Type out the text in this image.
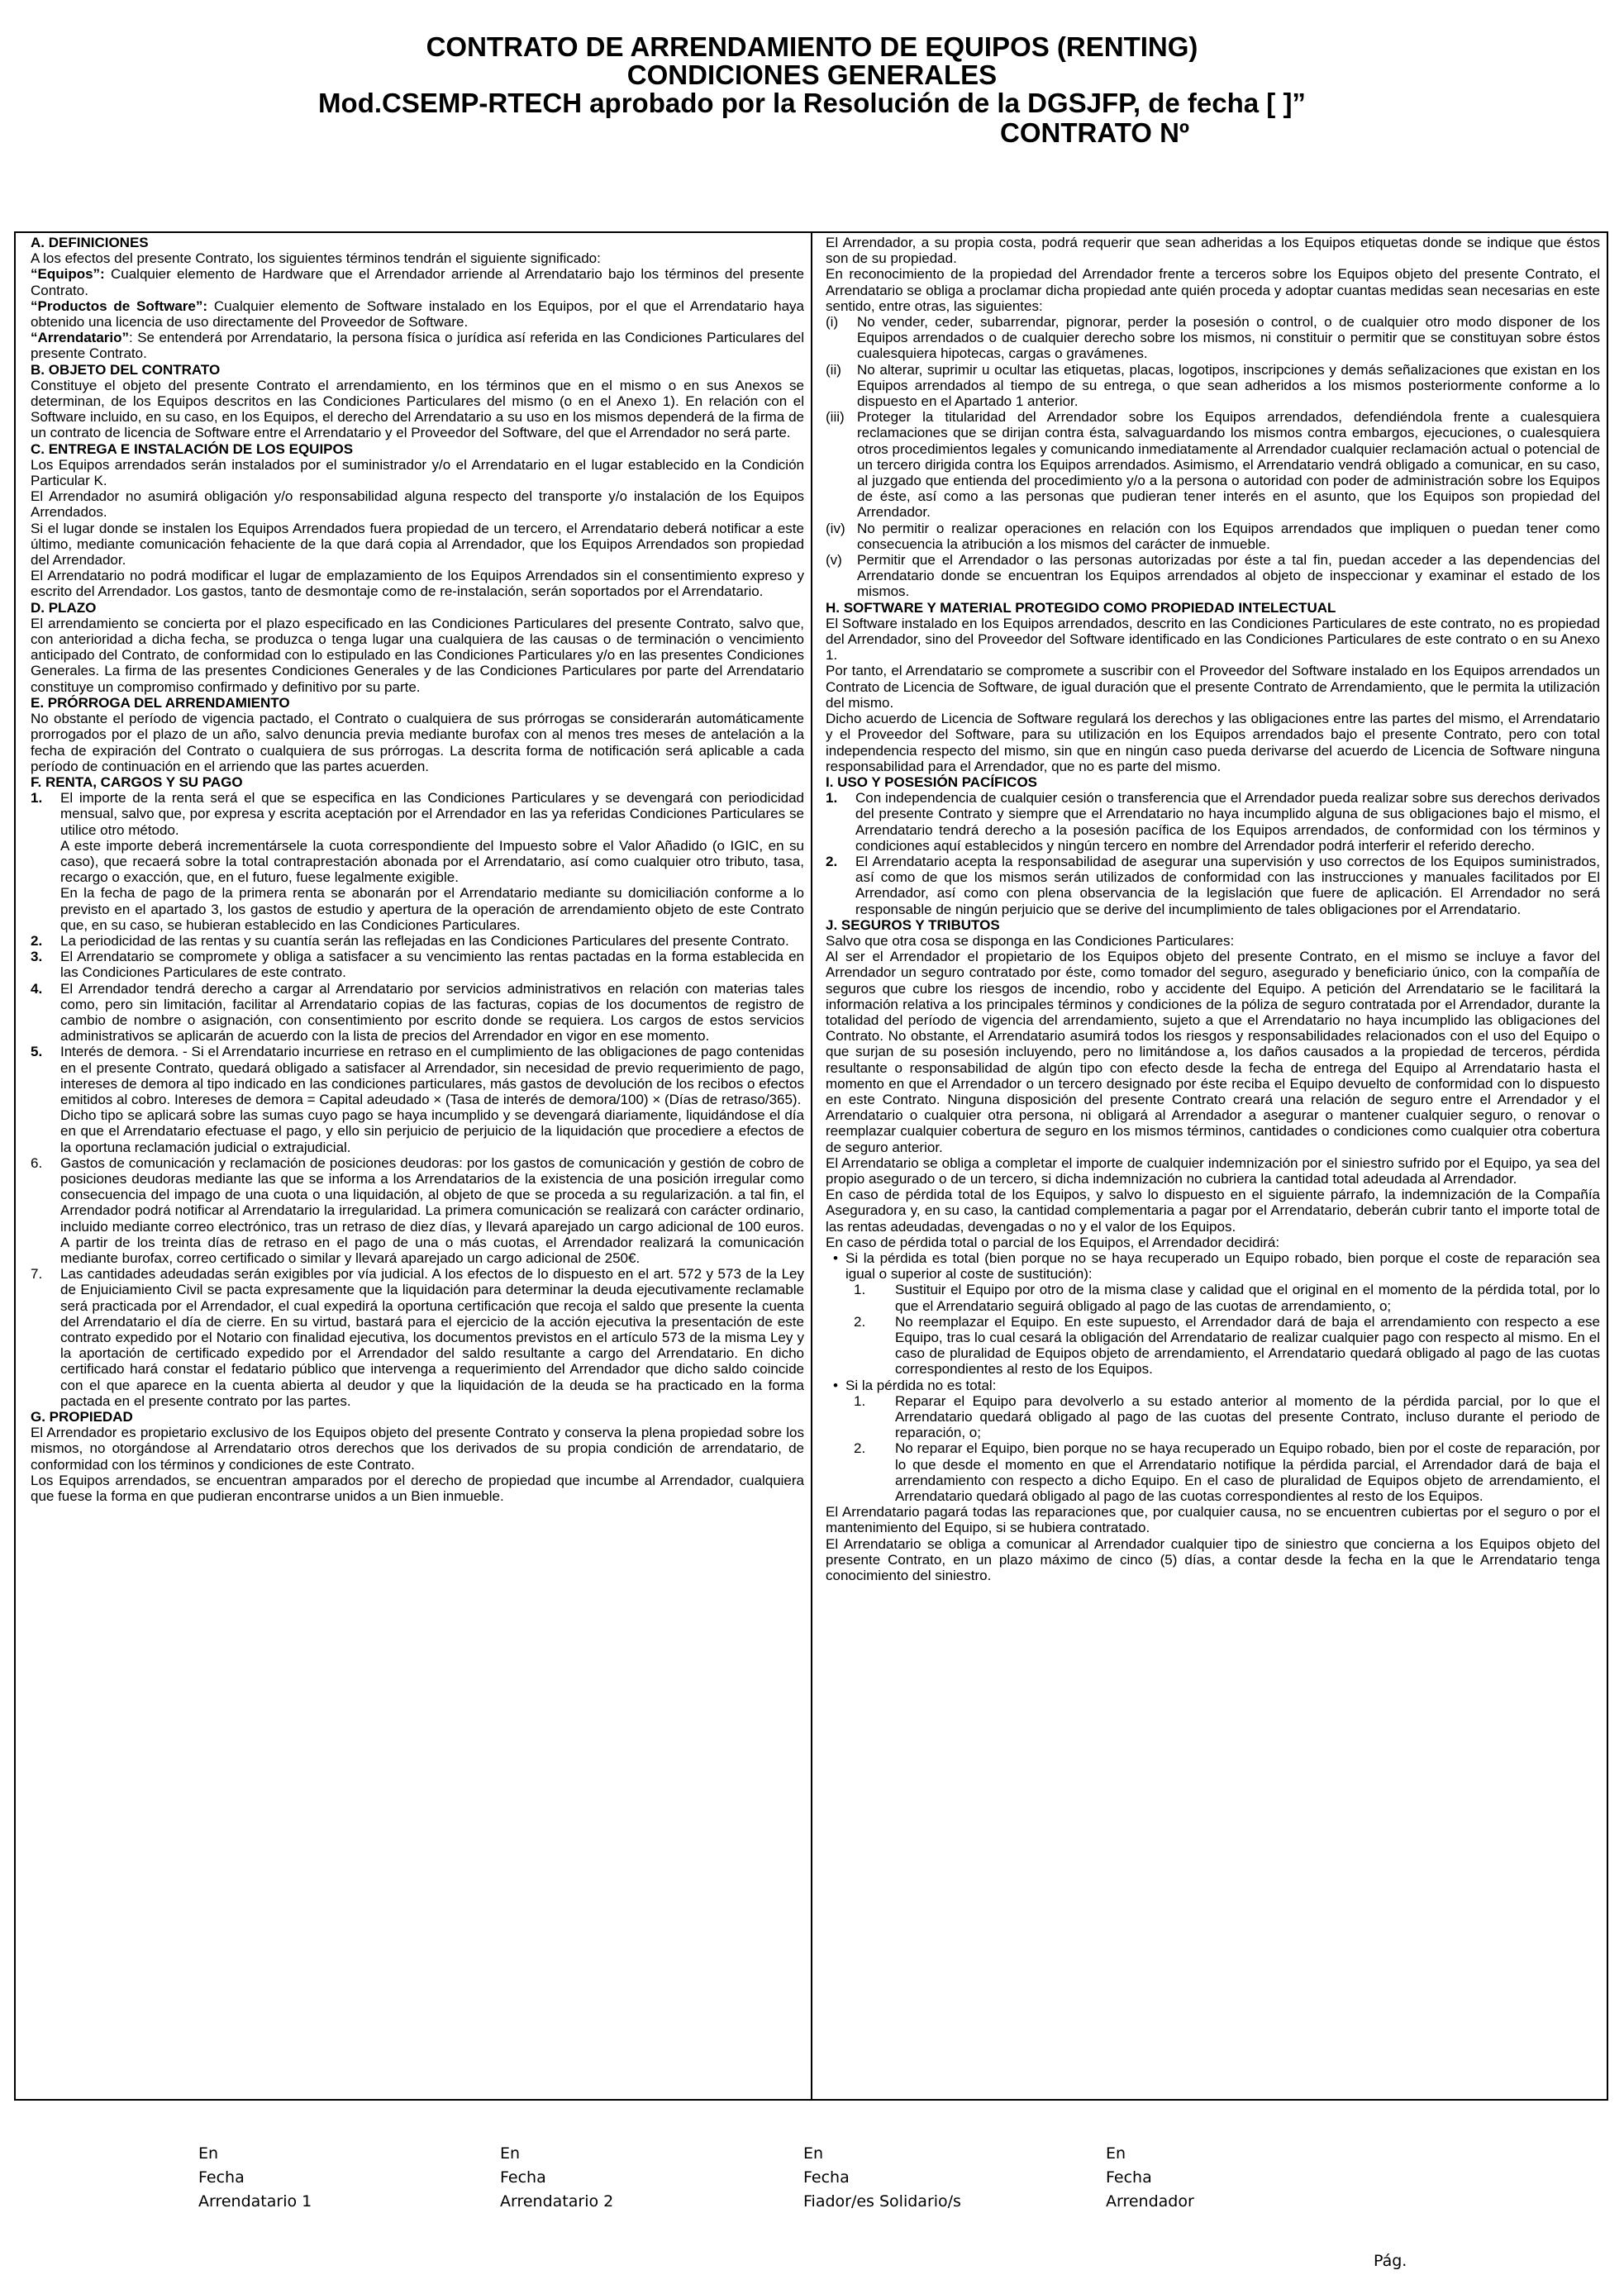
CONTRATO DE ARRENDAMIENTO DE EQUIPOS (RENTING)
CONDICIONES GENERALES
Mod.CSEMP-RTECH aprobado por la Resolución de la DGSJFP, de fecha [ ]”
CONTRATO Nº

A. DEFINICIONES

A los efectos del presente Contrato, los siguientes términos tendrán el siguiente significado:

“Equipos”: Cualquier elemento de Hardware que el Arrendador arriende al Arrendatario bajo los términos del presente Contrato.

“Productos de Software”: Cualquier elemento de Software instalado en los Equipos, por el que el Arrendatario haya obtenido una licencia de uso directamente del Proveedor de Software.

“Arrendatario”: Se entenderá por Arrendatario, la persona física o jurídica así referida en las Condiciones Particulares del presente Contrato.

B. OBJETO DEL CONTRATO

Constituye el objeto del presente Contrato el arrendamiento, en los términos que en el mismo o en sus Anexos se determinan, de los Equipos descritos en las Condiciones Particulares del mismo (o en el Anexo 1). En relación con el Software incluido, en su caso, en los Equipos, el derecho del Arrendatario a su uso en los mismos dependerá de la firma de un contrato de licencia de Software entre el Arrendatario y el Proveedor del Software, del que el Arrendador no será parte.

C. ENTREGA E INSTALACIÓN DE LOS EQUIPOS

Los Equipos arrendados serán instalados por el suministrador y/o el Arrendatario en el lugar establecido en la Condición Particular K.

El Arrendador no asumirá obligación y/o responsabilidad alguna respecto del transporte y/o instalación de los Equipos Arrendados.

Si el lugar donde se instalen los Equipos Arrendados fuera propiedad de un tercero, el Arrendatario deberá notificar a este último, mediante comunicación fehaciente de la que dará copia al Arrendador, que los Equipos Arrendados son propiedad del Arrendador.

El Arrendatario no podrá modificar el lugar de emplazamiento de los Equipos Arrendados sin el consentimiento expreso y escrito del Arrendador. Los gastos, tanto de desmontaje como de re-instalación, serán soportados por el Arrendatario.

D. PLAZO

El arrendamiento se concierta por el plazo especificado en las Condiciones Particulares del presente Contrato, salvo que, con anterioridad a dicha fecha, se produzca o tenga lugar una cualquiera de las causas o de terminación o vencimiento anticipado del Contrato, de conformidad con lo estipulado en las Condiciones Particulares y/o en las presentes Condiciones Generales. La firma de las presentes Condiciones Generales y de las Condiciones Particulares por parte del Arrendatario constituye un compromiso confirmado y definitivo por su parte.

E. PRÓRROGA DEL ARRENDAMIENTO

No obstante el período de vigencia pactado, el Contrato o cualquiera de sus prórrogas se considerarán automáticamente prorrogados por el plazo de un año, salvo denuncia previa mediante burofax con al menos tres meses de antelación a la fecha de expiración del Contrato o cualquiera de sus prórrogas. La descrita forma de notificación será aplicable a cada período de continuación en el arriendo que las partes acuerden.

F. RENTA, CARGOS Y SU PAGO

1.	El importe de la renta será el que se especifica en las Condiciones Particulares y se devengará con periodicidad mensual, salvo que, por expresa y escrita aceptación por el Arrendador en las ya referidas Condiciones Particulares se utilice otro método.

A este importe deberá incrementársele la cuota correspondiente del Impuesto sobre el Valor Añadido (o IGIC, en su caso), que recaerá sobre la total contraprestación abonada por el Arrendatario, así como cualquier otro tributo, tasa, recargo o exacción, que, en el futuro, fuese legalmente exigible.

En la fecha de pago de la primera renta se abonarán por el Arrendatario mediante su domiciliación conforme a lo previsto en el apartado 3, los gastos de estudio y apertura de la operación de arrendamiento objeto de este Contrato que, en su caso, se hubieran establecido en las Condiciones Particulares.

2.	La periodicidad de las rentas y su cuantía serán las reflejadas en las Condiciones Particulares del presente Contrato.
3.	El Arrendatario se compromete y obliga a satisfacer a su vencimiento las rentas pactadas en la forma establecida en las Condiciones Particulares de este contrato.
4.	El Arrendador tendrá derecho a cargar al Arrendatario por servicios administrativos en relación con materias tales como, pero sin limitación, facilitar al Arrendatario copias de las facturas, copias de los documentos de registro de cambio de nombre o asignación, con consentimiento por escrito donde se requiera. Los cargos de estos servicios administrativos se aplicarán de acuerdo con la lista de precios del Arrendador en vigor en ese momento.
5.	Interés de demora. - Si el Arrendatario incurriese en retraso en el cumplimiento de las obligaciones de pago contenidas en el presente Contrato, quedará obligado a satisfacer al Arrendador, sin necesidad de previo requerimiento de pago, intereses de demora al tipo indicado en las condiciones particulares, más gastos de devolución de los recibos o efectos emitidos al cobro. Intereses de demora = Capital adeudado × (Tasa de interés de demora/100) × (Días de retraso/365).

Dicho tipo se aplicará sobre las sumas cuyo pago se haya incumplido y se devengará diariamente, liquidándose el día en que el Arrendatario efectuase el pago, y ello sin perjuicio de perjuicio de la liquidación que procediere a efectos de la oportuna reclamación judicial o extrajudicial.

6.	Gastos de comunicación y reclamación de posiciones deudoras: por los gastos de comunicación y gestión de cobro de posiciones deudoras mediante las que se informa a los Arrendatarios de la existencia de una posición irregular como consecuencia del impago de una cuota o una liquidación, al objeto de que se proceda a su regularización. a tal fin, el Arrendador podrá notificar al Arrendatario la irregularidad. La primera comunicación se realizará con carácter ordinario, incluido mediante correo electrónico, tras un retraso de diez días, y llevará aparejado un cargo adicional de 100 euros. A partir de los treinta días de retraso en el pago de una o más cuotas, el Arrendador realizará la comunicación mediante burofax, correo certificado o similar y llevará aparejado un cargo adicional de 250€.
7.	Las cantidades adeudadas serán exigibles por vía judicial. A los efectos de lo dispuesto en el art. 572 y 573 de la Ley de Enjuiciamiento Civil se pacta expresamente que la liquidación para determinar la deuda ejecutivamente reclamable será practicada por el Arrendador, el cual expedirá la oportuna certificación que recoja el saldo que presente la cuenta del Arrendatario el día de cierre. En su virtud, bastará para el ejercicio de la acción ejecutiva la presentación de este contrato expedido por el Notario con finalidad ejecutiva, los documentos previstos en el artículo 573 de la misma Ley y la aportación de certificado expedido por el Arrendador del saldo resultante a cargo del Arrendatario. En dicho certificado hará constar el fedatario público que intervenga a requerimiento del Arrendador que dicho saldo coincide con el que aparece en la cuenta abierta al deudor y que la liquidación de la deuda se ha practicado en la forma pactada en el presente contrato por las partes.

G. PROPIEDAD

El Arrendador es propietario exclusivo de los Equipos objeto del presente Contrato y conserva la plena propiedad sobre los mismos, no otorgándose al Arrendatario otros derechos que los derivados de su propia condición de arrendatario, de conformidad con los términos y condiciones de este Contrato.

Los Equipos arrendados, se encuentran amparados por el derecho de propiedad que incumbe al Arrendador, cualquiera que fuese la forma en que pudieran encontrarse unidos a un Bien inmueble.

El Arrendador, a su propia costa, podrá requerir que sean adheridas a los Equipos etiquetas donde se indique que éstos son de su propiedad.

En reconocimiento de la propiedad del Arrendador frente a terceros sobre los Equipos objeto del presente Contrato, el Arrendatario se obliga a proclamar dicha propiedad ante quién proceda y adoptar cuantas medidas sean necesarias en este sentido, entre otras, las siguientes:

(i)	No vender, ceder, subarrendar, pignorar, perder la posesión o control, o de cualquier otro modo disponer de los Equipos arrendados o de cualquier derecho sobre los mismos, ni constituir o permitir que se constituyan sobre éstos cualesquiera hipotecas, cargas o gravámenes.
(ii)	No alterar, suprimir u ocultar las etiquetas, placas, logotipos, inscripciones y demás señalizaciones que existan en los Equipos arrendados al tiempo de su entrega, o que sean adheridos a los mismos posteriormente conforme a lo dispuesto en el Apartado 1 anterior.
(iii) Proteger la titularidad del Arrendador sobre los Equipos arrendados, defendiéndola frente a cualesquiera reclamaciones que se dirijan contra ésta, salvaguardando los mismos contra embargos, ejecuciones, o cualesquiera otros procedimientos legales y comunicando inmediatamente al Arrendador cualquier reclamación actual o potencial de un tercero dirigida contra los Equipos arrendados. Asimismo, el Arrendatario vendrá obligado a comunicar, en su caso, al juzgado que entienda del procedimiento y/o a la persona o autoridad con poder de administración sobre los Equipos de éste, así como a las personas que pudieran tener interés en el asunto, que los Equipos son propiedad del Arrendador.
(iv) No permitir o realizar operaciones en relación con los Equipos arrendados que impliquen o puedan tener como consecuencia la atribución a los mismos del carácter de inmueble.
(v)	Permitir que el Arrendador o las personas autorizadas por éste a tal fin, puedan acceder a las dependencias del Arrendatario donde se encuentran los Equipos arrendados al objeto de inspeccionar y examinar el estado de los mismos.

H. SOFTWARE Y MATERIAL PROTEGIDO COMO PROPIEDAD INTELECTUAL

El Software instalado en los Equipos arrendados, descrito en las Condiciones Particulares de este contrato, no es propiedad del Arrendador, sino del Proveedor del Software identificado en las Condiciones Particulares de este contrato o en su Anexo 1.

Por tanto, el Arrendatario se compromete a suscribir con el Proveedor del Software instalado en los Equipos arrendados un Contrato de Licencia de Software, de igual duración que el presente Contrato de Arrendamiento, que le permita la utilización del mismo.

Dicho acuerdo de Licencia de Software regulará los derechos y las obligaciones entre las partes del mismo, el Arrendatario y el Proveedor del Software, para su utilización en los Equipos arrendados bajo el presente Contrato, pero con total independencia respecto del mismo, sin que en ningún caso pueda derivarse del acuerdo de Licencia de Software ninguna responsabilidad para el Arrendador, que no es parte del mismo.

I. USO Y POSESIÓN PACÍFICOS

1.	Con independencia de cualquier cesión o transferencia que el Arrendador pueda realizar sobre sus derechos derivados del presente Contrato y siempre que el Arrendatario no haya incumplido alguna de sus obligaciones bajo el mismo, el Arrendatario tendrá derecho a la posesión pacífica de los Equipos arrendados, de conformidad con los términos y condiciones aquí establecidos y ningún tercero en nombre del Arrendador podrá interferir el referido derecho.
2.	El Arrendatario acepta la responsabilidad de asegurar una supervisión y uso correctos de los Equipos suministrados, así como de que los mismos serán utilizados de conformidad con las instrucciones y manuales facilitados por El Arrendador, así como con plena observancia de la legislación que fuere de aplicación. El Arrendador no será responsable de ningún perjuicio que se derive del incumplimiento de tales obligaciones por el Arrendatario.

J. SEGUROS Y TRIBUTOS

Salvo que otra cosa se disponga en las Condiciones Particulares:

Al ser el Arrendador el propietario de los Equipos objeto del presente Contrato, en el mismo se incluye a favor del Arrendador un seguro contratado por éste, como tomador del seguro, asegurado y beneficiario único, con la compañía de seguros que cubre los riesgos de incendio, robo y accidente del Equipo. A petición del Arrendatario se le facilitará la información relativa a los principales términos y condiciones de la póliza de seguro contratada por el Arrendador, durante la totalidad del período de vigencia del arrendamiento, sujeto a que el Arrendatario no haya incumplido las obligaciones del Contrato. No obstante, el Arrendatario asumirá todos los riesgos y responsabilidades relacionados con el uso del Equipo o que surjan de su posesión incluyendo, pero no limitándose a, los daños causados a la propiedad de terceros, pérdida resultante o responsabilidad de algún tipo con efecto desde la fecha de entrega del Equipo al Arrendatario hasta el momento en que el Arrendador o un tercero designado por éste reciba el Equipo devuelto de conformidad con lo dispuesto en este Contrato. Ninguna disposición del presente Contrato creará una relación de seguro entre el Arrendador y el Arrendatario o cualquier otra persona, ni obligará al Arrendador a asegurar o mantener cualquier seguro, o renovar o reemplazar cualquier cobertura de seguro en los mismos términos, cantidades o condiciones como cualquier otra cobertura de seguro anterior.

El Arrendatario se obliga a completar el importe de cualquier indemnización por el siniestro sufrido por el Equipo, ya sea del propio asegurado o de un tercero, si dicha indemnización no cubriera la cantidad total adeudada al Arrendador.

En caso de pérdida total de los Equipos, y salvo lo dispuesto en el siguiente párrafo, la indemnización de la Compañía Aseguradora y, en su caso, la cantidad complementaria a pagar por el Arrendatario, deberán cubrir tanto el importe total de las rentas adeudadas, devengadas o no y el valor de los Equipos.

En caso de pérdida total o parcial de los Equipos, el Arrendador decidirá:

• Si la pérdida es total (bien porque no se haya recuperado un Equipo robado, bien porque el coste de reparación sea igual o superior al coste de sustitución):
1.	Sustituir el Equipo por otro de la misma clase y calidad que el original en el momento de la pérdida total, por lo que el Arrendatario seguirá obligado al pago de las cuotas de arrendamiento, o;
2.	No reemplazar el Equipo. En este supuesto, el Arrendador dará de baja el arrendamiento con respecto a ese Equipo, tras lo cual cesará la obligación del Arrendatario de realizar cualquier pago con respecto al mismo. En el caso de pluralidad de Equipos objeto de arrendamiento, el Arrendatario quedará obligado al pago de las cuotas correspondientes al resto de los Equipos.
• Si la pérdida no es total:
1.	Reparar el Equipo para devolverlo a su estado anterior al momento de la pérdida parcial, por lo que el Arrendatario quedará obligado al pago de las cuotas del presente Contrato, incluso durante el periodo de reparación, o;
2.	No reparar el Equipo, bien porque no se haya recuperado un Equipo robado, bien por el coste de reparación, por lo que desde el momento en que el Arrendatario notifique la pérdida parcial, el Arrendador dará de baja el arrendamiento con respecto a dicho Equipo. En el caso de pluralidad de Equipos objeto de arrendamiento, el Arrendatario quedará obligado al pago de las cuotas correspondientes al resto de los Equipos.

El Arrendatario pagará todas las reparaciones que, por cualquier causa, no se encuentren cubiertas por el seguro o por el mantenimiento del Equipo, si se hubiera contratado.

El Arrendatario se obliga a comunicar al Arrendador cualquier tipo de siniestro que concierna a los Equipos objeto del presente Contrato, en un plazo máximo de cinco (5) días, a contar desde la fecha en la que le Arrendatario tenga conocimiento del siniestro.

En
Fecha
Arrendatario 1
En
Fecha
Arrendatario 2
En
Fecha
Fiador/es Solidario/s
En
Fecha
Arrendador
Pág.
